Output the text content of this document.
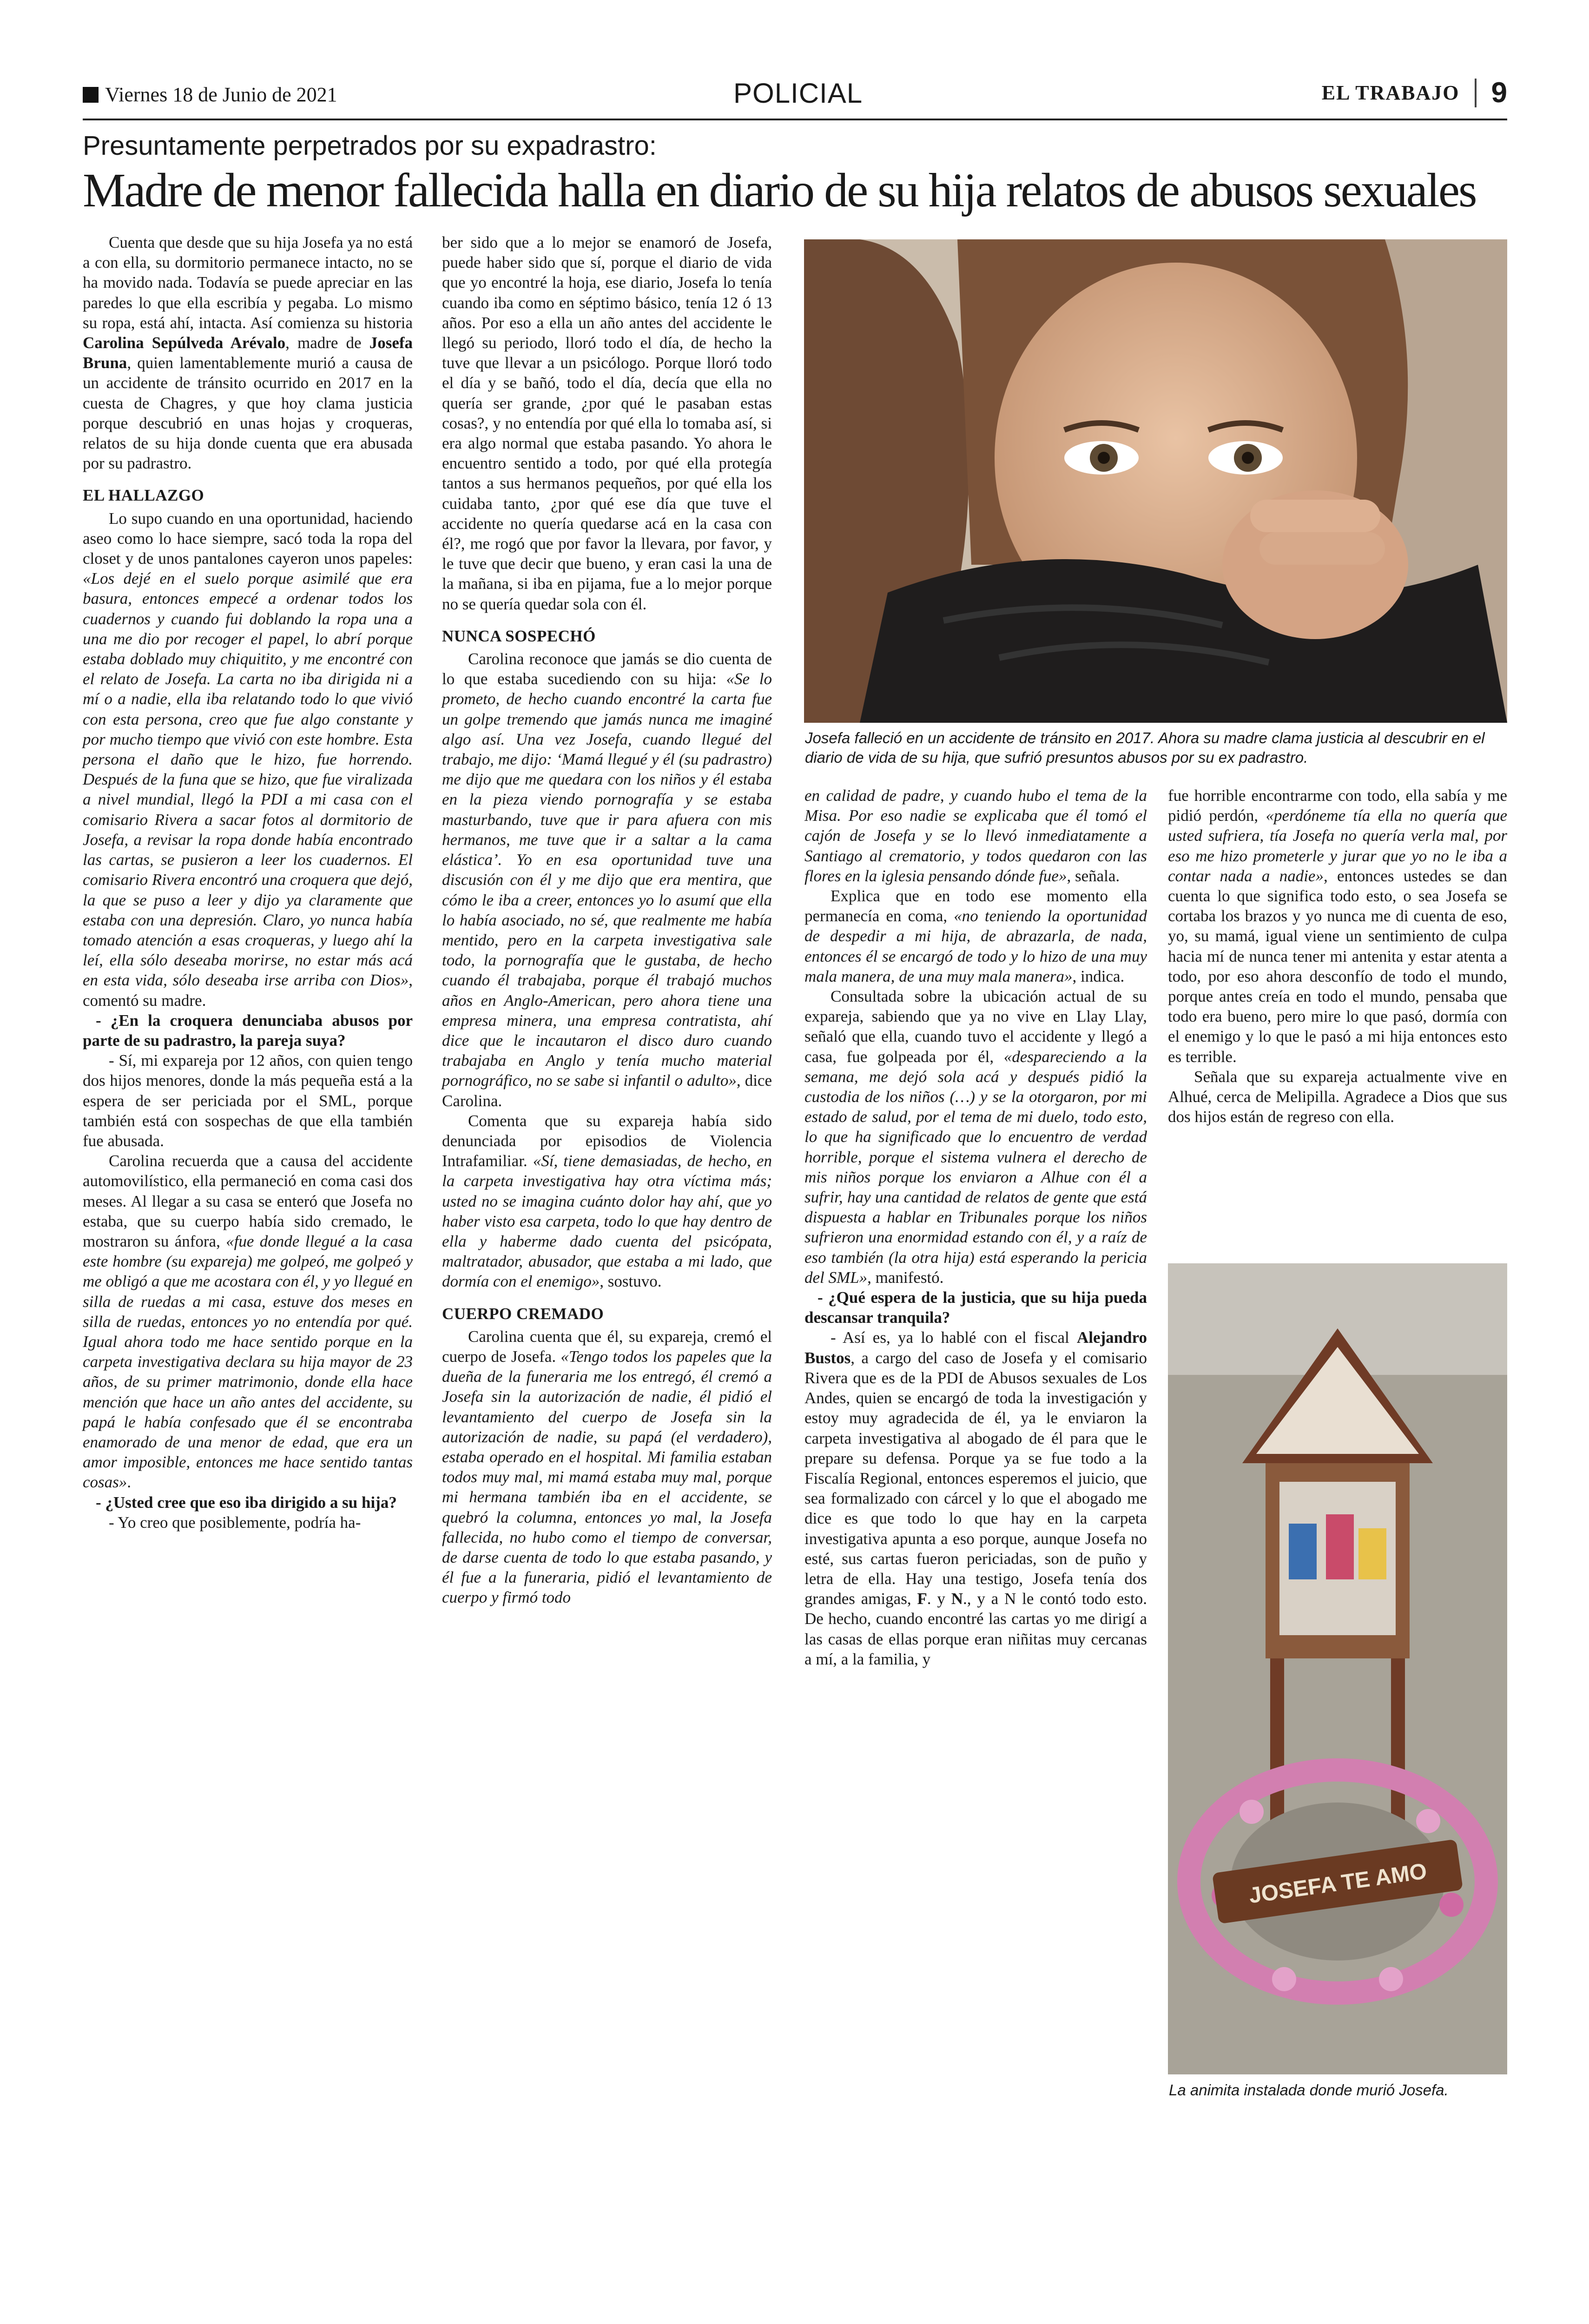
Viernes 18 de Junio de 2021	POLICIAL	EL TRABAJO 9
Presuntamente perpetrados por su expadrastro:
Madre de menor fallecida halla en diario de su hija relatos de abusos sexuales

Cuenta que desde que su hija Josefa ya no está a con ella, su dormitorio permanece intacto, no se ha movido nada. Todavía se puede apreciar en las paredes lo que ella escribía y pegaba. Lo mismo su ropa, está ahí, intacta. Así comienza su historia Carolina Sepúlveda Arévalo, madre de Josefa Bruna, quien lamentablemente murió a causa de un accidente de tránsito ocurrido en 2017 en la cuesta de Chagres, y que hoy clama justicia porque descubrió en unas hojas y croqueras, relatos de su hija donde cuenta que era abusada por su padrastro.

EL HALLAZGO

Lo supo cuando en una oportunidad, haciendo aseo como lo hace siempre, sacó toda la ropa del closet y de unos pantalones cayeron unos papeles: «Los dejé en el suelo porque asimilé que era basura, entonces empecé a ordenar todos los cuadernos y cuando fui doblando la ropa una a una me dio por recoger el papel, lo abrí porque estaba doblado muy chiquitito, y me encontré con el relato de Josefa. La carta no iba dirigida ni a mí o a nadie, ella iba relatando todo lo que vivió con esta persona, creo que fue algo constante y por mucho tiempo que vivió con este hombre. Esta persona el daño que le hizo, fue horrendo. Después de la funa que se hizo, que fue viralizada a nivel mundial, llegó la PDI a mi casa con el comisario Rivera a sacar fotos al dormitorio de Josefa, a revisar la ropa donde había encontrado las cartas, se pusieron a leer los cuadernos. El comisario Rivera encontró una croquera que dejó, la que se puso a leer y dijo ya claramente que estaba con una depresión. Claro, yo nunca había tomado atención a esas croqueras, y luego ahí la leí, ella sólo deseaba morirse, no estar más acá en esta vida, sólo deseaba irse arriba con Dios», comentó su madre.

- ¿En la croquera denunciaba abusos por parte de su padrastro, la pareja suya?

- Sí, mi expareja por 12 años, con quien tengo dos hijos menores, donde la más pequeña está a la espera de ser periciada por el SML, porque también está con sospechas de que ella también fue abusada.

Carolina recuerda que a causa del accidente automovilístico, ella permaneció en coma casi dos meses. Al llegar a su casa se enteró que Josefa no estaba, que su cuerpo había sido cremado, le mostraron su ánfora, «fue donde llegué a la casa este hombre (su expareja) me golpeó, me golpeó y me obligó a que me acostara con él, y yo llegué en silla de ruedas a mi casa, estuve dos meses en silla de ruedas, entonces yo no entendía por qué. Igual ahora todo me hace sentido porque en la carpeta investigativa declara su hija mayor de 23 años, de su primer matrimonio, donde ella hace mención que hace un año antes del accidente, su papá le había confesado que él se encontraba enamorado de una menor de edad, que era un amor imposible, entonces me hace sentido tantas cosas».

- ¿Usted cree que eso iba dirigido a su hija?

- Yo creo que posiblemente, podría ha-

ber sido que a lo mejor se enamoró de Josefa, puede haber sido que sí, porque el diario de vida que yo encontré la hoja, ese diario, Josefa lo tenía cuando iba como en séptimo básico, tenía 12 ó 13 años. Por eso a ella un año antes del accidente le llegó su periodo, lloró todo el día, de hecho la tuve que llevar a un psicólogo. Porque lloró todo el día y se bañó, todo el día, decía que ella no quería ser grande, ¿por qué le pasaban estas cosas?, y no entendía por qué ella lo tomaba así, si era algo normal que estaba pasando. Yo ahora le encuentro sentido a todo, por qué ella protegía tantos a sus hermanos pequeños, por qué ella los cuidaba tanto, ¿por qué ese día que tuve el accidente no quería quedarse acá en la casa con él?, me rogó que por favor la llevara, por favor, y le tuve que decir que bueno, y eran casi la una de la mañana, si iba en pijama, fue a lo mejor porque no se quería quedar sola con él.

NUNCA SOSPECHÓ

Carolina reconoce que jamás se dio cuenta de lo que estaba sucediendo con su hija: «Se lo prometo, de hecho cuando encontré la carta fue un golpe tremendo que jamás nunca me imaginé algo así. Una vez Josefa, cuando llegué del trabajo, me dijo: ‘Mamá llegué y él (su padrastro) me dijo que me quedara con los niños y él estaba en la pieza viendo pornografía y se estaba masturbando, tuve que ir para afuera con mis hermanos, me tuve que ir a saltar a la cama elástica’. Yo en esa oportunidad tuve una discusión con él y me dijo que era mentira, que cómo le iba a creer, entonces yo lo asumí que ella lo había asociado, no sé, que realmente me había mentido, pero en la carpeta investigativa sale todo, la pornografía que le gustaba, de hecho cuando él trabajaba, porque él trabajó muchos años en Anglo-American, pero ahora tiene una empresa minera, una empresa contratista, ahí dice que le incautaron el disco duro cuando trabajaba en Anglo y tenía mucho material pornográfico, no se sabe si infantil o adulto», dice Carolina.

Comenta que su expareja había sido denunciada por episodios de Violencia Intrafamiliar. «Sí, tiene demasiadas, de hecho, en la carpeta investigativa hay otra víctima más; usted no se imagina cuánto dolor hay ahí, que yo haber visto esa carpeta, todo lo que hay dentro de ella y haberme dado cuenta del psicópata, maltratador, abusador, que estaba a mi lado, que dormía con el enemigo», sostuvo.

CUERPO CREMADO

Carolina cuenta que él, su expareja, cremó el cuerpo de Josefa. «Tengo todos los papeles que la dueña de la funeraria me los entregó, él cremó a Josefa sin la autorización de nadie, él pidió el levantamiento del cuerpo de Josefa sin la autorización de nadie, su papá (el verdadero), estaba operado en el hospital. Mi familia estaban todos muy mal, mi mamá estaba muy mal, porque mi hermana también iba en el accidente, se quebró la columna, entonces yo mal, la Josefa fallecida, no hubo como el tiempo de conversar, de darse cuenta de todo lo que estaba pasando, y él fue a la funeraria, pidió el levantamiento de cuerpo y firmó todo

Josefa falleció en un accidente de tránsito en 2017. Ahora su madre clama justicia al descubrir en el diario de vida de su hija, que sufrió presuntos abusos por su ex padrastro.

en calidad de padre, y cuando hubo el tema de la Misa. Por eso nadie se explicaba que él tomó el cajón de Josefa y se lo llevó inmediatamente a Santiago al crematorio, y todos quedaron con las flores en la iglesia pensando dónde fue», señala.

Explica que en todo ese momento ella permanecía en coma, «no teniendo la oportunidad de despedir a mi hija, de abrazarla, de nada, entonces él se encargó de todo y lo hizo de una muy mala manera, de una muy mala manera», indica.

Consultada sobre la ubicación actual de su expareja, sabiendo que ya no vive en Llay Llay, señaló que ella, cuando tuvo el accidente y llegó a casa, fue golpeada por él, «despareciendo a la semana, me dejó sola acá y después pidió la custodia de los niños (…) y se la otorgaron, por mi estado de salud, por el tema de mi duelo, todo esto, lo que ha significado que lo encuentro de verdad horrible, porque el sistema vulnera el derecho de mis niños porque los enviaron a Alhue con él a sufrir, hay una cantidad de relatos de gente que está dispuesta a hablar en Tribunales porque los niños sufrieron una enormidad estando con él, y a raíz de eso también (la otra hija) está esperando la pericia del SML», manifestó.

- ¿Qué espera de la justicia, que su hija pueda descansar tranquila?

- Así es, ya lo hablé con el fiscal Alejandro Bustos, a cargo del caso de Josefa y el comisario Rivera que es de la PDI de Abusos sexuales de Los Andes, quien se encargó de toda la investigación y estoy muy agradecida de él, ya le enviaron la carpeta investigativa al abogado de él para que le prepare su defensa. Porque ya se fue todo a la Fiscalía Regional, entonces esperemos el juicio, que sea formalizado con cárcel y lo que el abogado me dice es que todo lo que hay en la carpeta investigativa apunta a eso porque, aunque Josefa no esté, sus cartas fueron periciadas, son de puño y letra de ella. Hay una testigo, Josefa tenía dos grandes amigas, F. y N., y a N le contó todo esto. De hecho, cuando encontré las cartas yo me dirigí a las casas de ellas porque eran niñitas muy cercanas a mí, a la familia, y

fue horrible encontrarme con todo, ella sabía y me pidió perdón, «perdóneme tía ella no quería que usted sufriera, tía Josefa no quería verla mal, por eso me hizo prometerle y jurar que yo no le iba a contar nada a nadie», entonces ustedes se dan cuenta lo que significa todo esto, o sea Josefa se cortaba los brazos y yo nunca me di cuenta de eso, yo, su mamá, igual viene un sentimiento de culpa hacia mí de nunca tener mi antenita y estar atenta a todo, por eso ahora desconfío de todo el mundo, porque antes creía en todo el mundo, pensaba que todo era bueno, pero mire lo que pasó, dormía con el enemigo y lo que le pasó a mi hija entonces esto es terrible.

Señala que su expareja actualmente vive en Alhué, cerca de Melipilla. Agradece a Dios que sus dos hijos están de regreso con ella.

JOSEFA TE AMO
La animita instalada donde murió Josefa.
